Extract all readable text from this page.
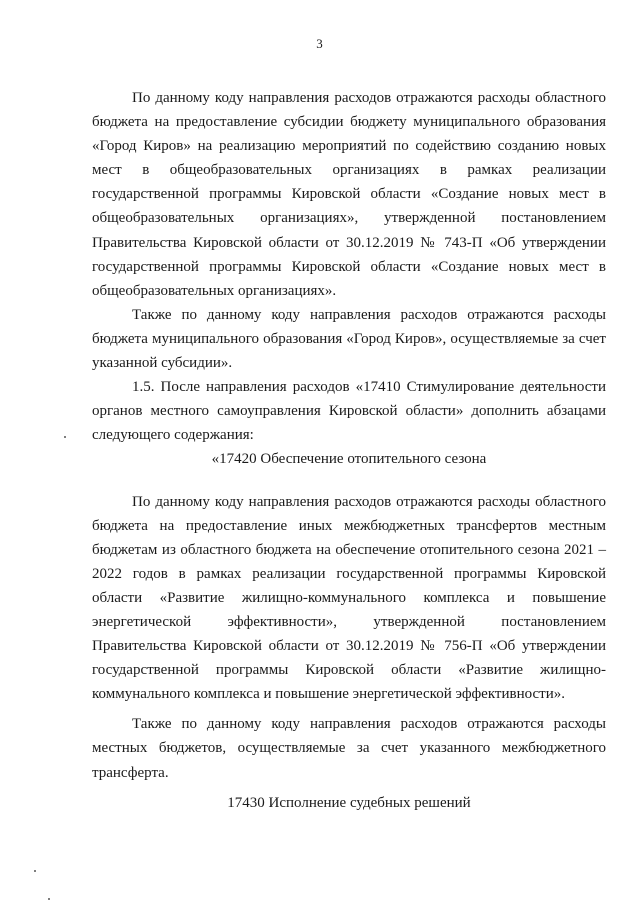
3

По данному коду направления расходов отражаются расходы областного бюджета на предоставление субсидии бюджету муниципального образования «Город Киров» на реализацию мероприятий по содействию созданию новых мест в общеобразовательных организациях в рамках реализации государственной программы Кировской области «Создание новых мест в общеобразовательных организациях», утвержденной постановлением Правительства Кировской области от 30.12.2019 № 743-П «Об утверждении государственной программы Кировской области «Создание новых мест в общеобразовательных организациях».

Также по данному коду направления расходов отражаются расходы бюджета муниципального образования «Город Киров», осуществляемые за счет указанной субсидии».

1.5. После направления расходов «17410 Стимулирование деятельности органов местного самоуправления Кировской области» дополнить абзацами следующего содержания:

«17420 Обеспечение отопительного сезона

По данному коду направления расходов отражаются расходы областного бюджета на предоставление иных межбюджетных трансфертов местным бюджетам из областного бюджета на обеспечение отопительного сезона 2021 – 2022 годов в рамках реализации государственной программы Кировской области «Развитие жилищно-коммунального комплекса и повышение энергетической эффективности», утвержденной постановлением Правительства Кировской области от 30.12.2019 № 756-П «Об утверждении государственной программы Кировской области «Развитие жилищно-коммунального комплекса и повышение энергетической эффективности».

Также по данному коду направления расходов отражаются расходы местных бюджетов, осуществляемые за счет указанного межбюджетного трансферта.

17430 Исполнение судебных решений
